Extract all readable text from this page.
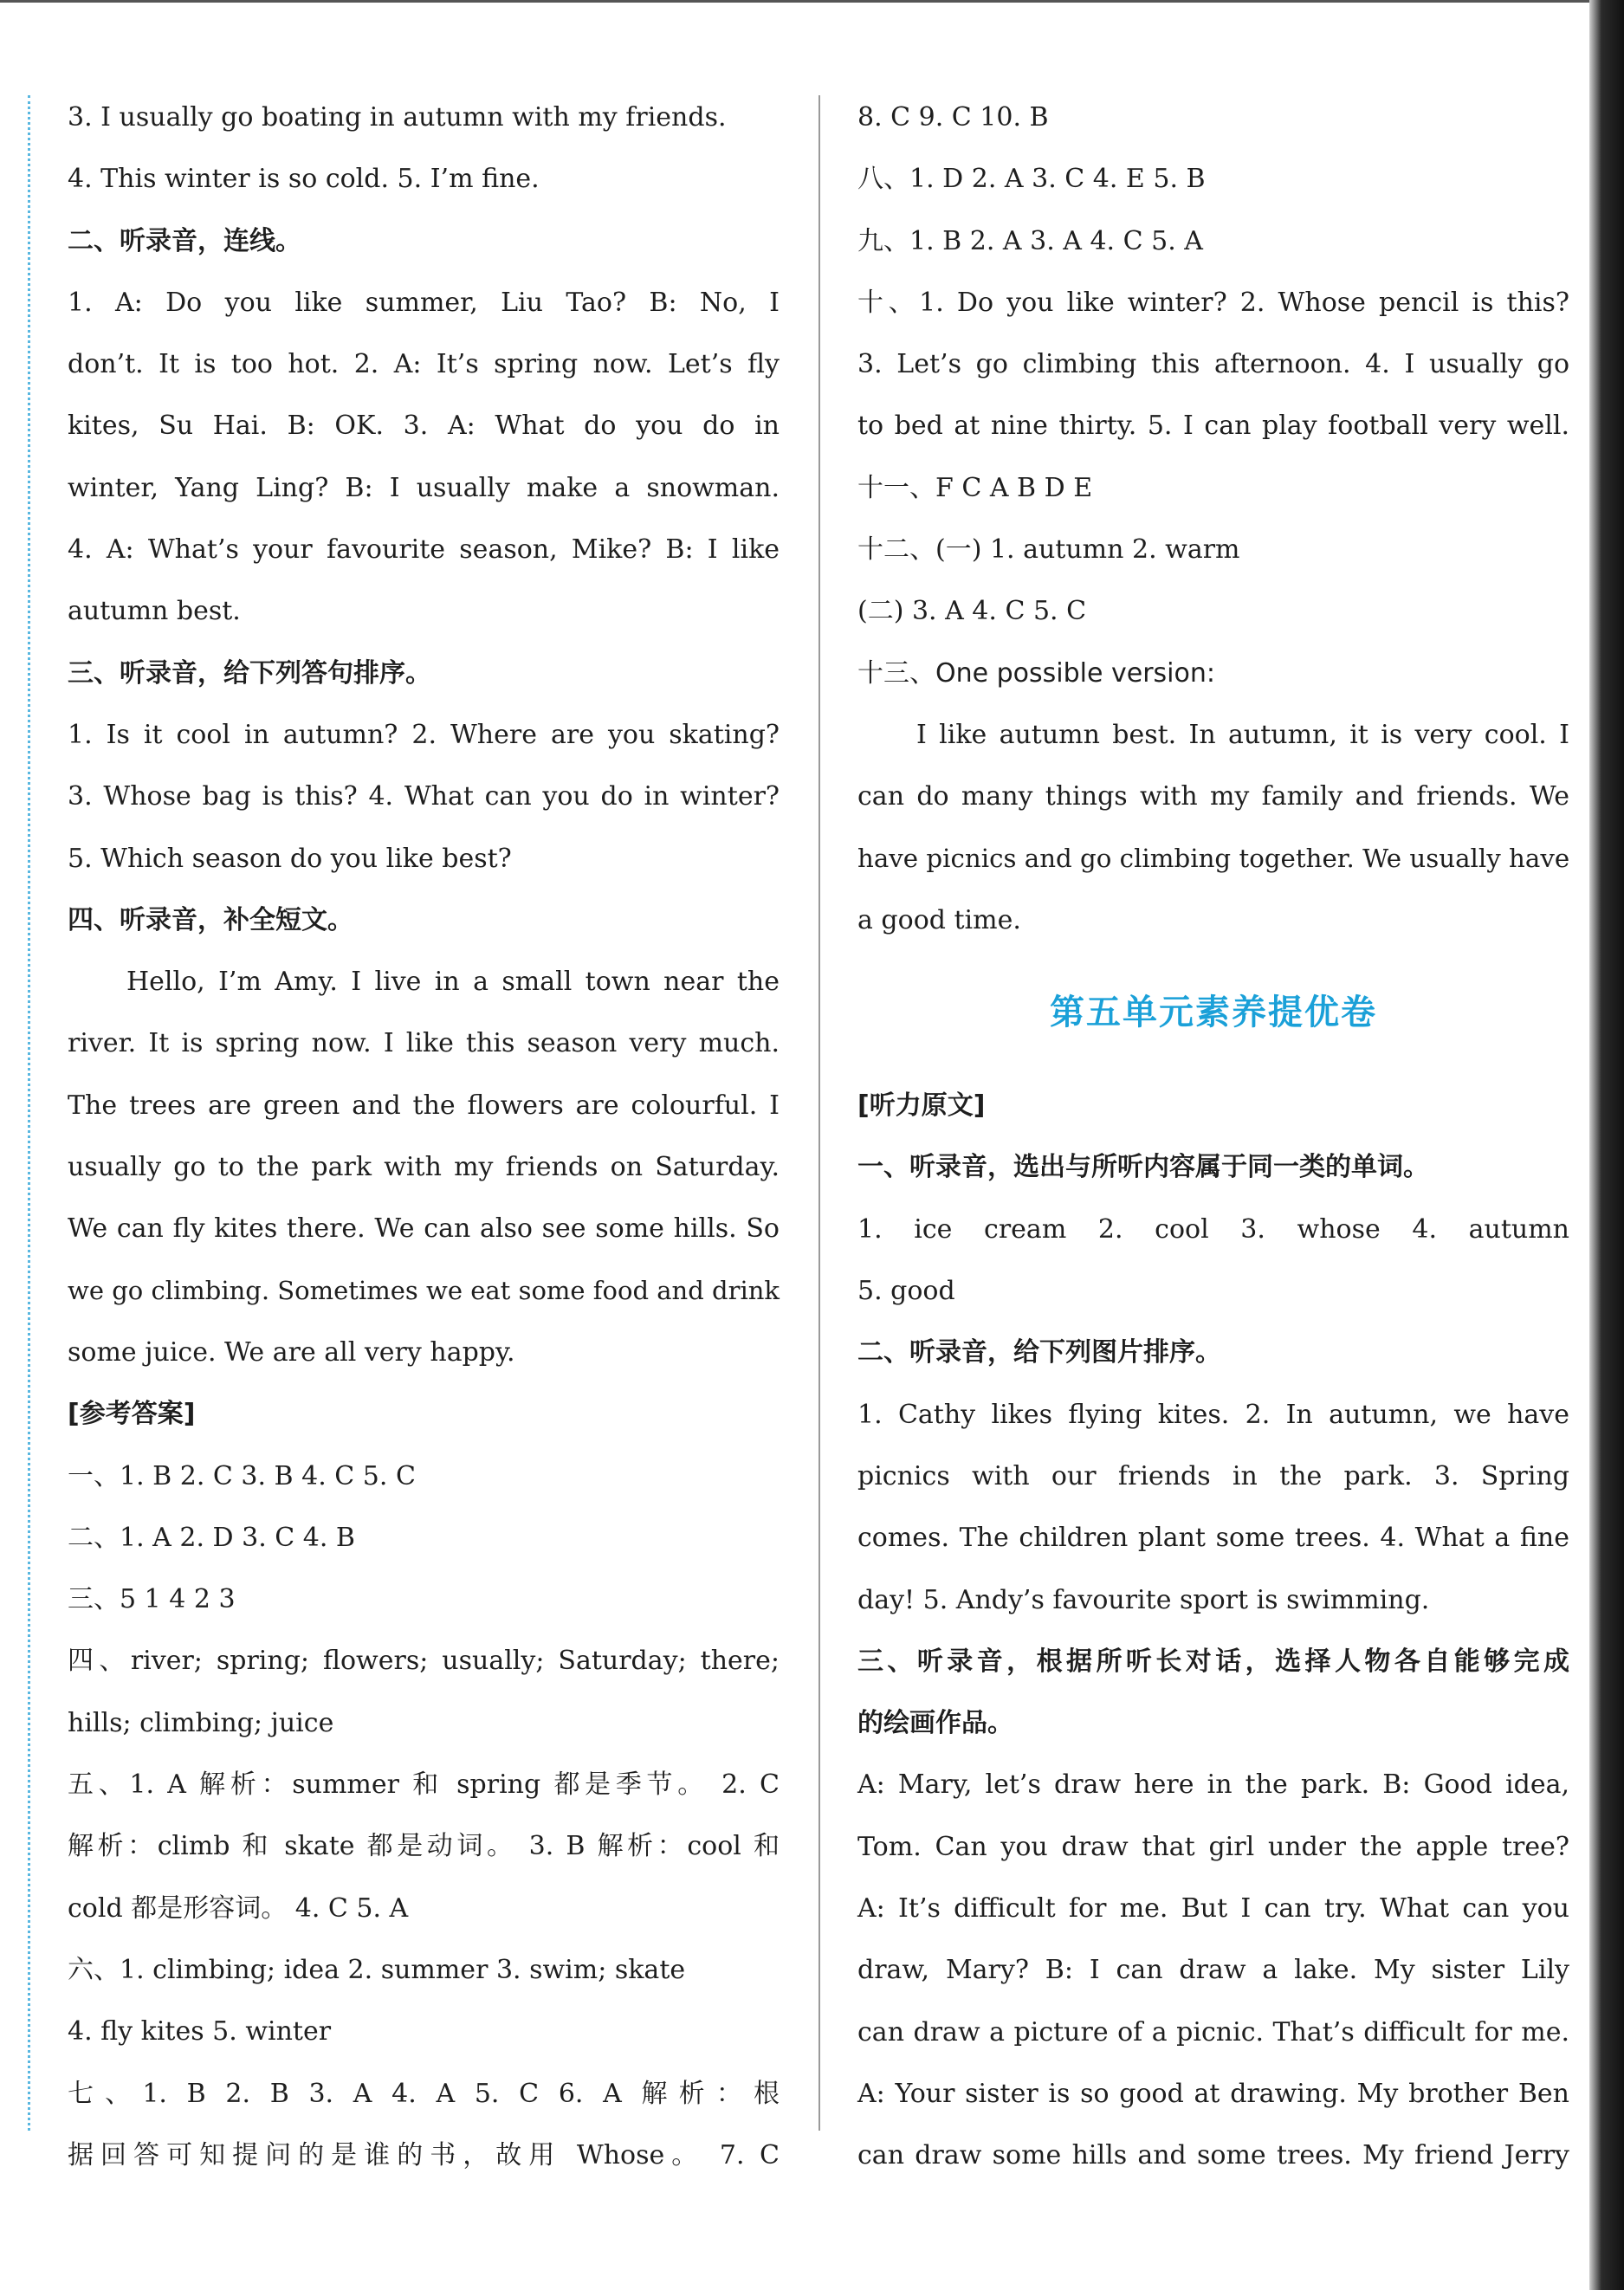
3. I usually go boating in autumn with my friends.
4. This winter is so cold. 5. I’m fine.
二、听录音，连线。
1. A: Do you like summer, Liu Tao? B: No, I
don’t. It is too hot. 2. A: It’s spring now. Let’s fly
kites, Su Hai. B: OK. 3. A: What do you do in
winter, Yang Ling? B: I usually make a snowman.
4. A: What’s your favourite season, Mike? B: I like
autumn best.
三、听录音，给下列答句排序。
1. Is it cool in autumn? 2. Where are you skating?
3. Whose bag is this? 4. What can you do in winter?
5. Which season do you like best?
四、听录音，补全短文。
Hello, I’m Amy. I live in a small town near the
river. It is spring now. I like this season very much.
The trees are green and the flowers are colourful. I
usually go to the park with my friends on Saturday.
We can fly kites there. We can also see some hills. So
we go climbing. Sometimes we eat some food and drink
some juice. We are all very happy.
[参考答案]
一、1. B 2. C 3. B 4. C 5. C
二、1. A 2. D 3. C 4. B
三、5 1 4 2 3
四、river; spring; flowers; usually; Saturday; there;
hills; climbing; juice
五、1. A 解析：summer 和 spring 都是季节。 2. C
解析：climb 和 skate 都是动词。 3. B 解析：cool 和
cold 都是形容词。 4. C 5. A
六、1. climbing; idea 2. summer 3. swim; skate
4. fly kites 5. winter
七、1. B 2. B 3. A 4. A 5. C 6. A 解析：根
据回答可知提问的是谁的书，故用 Whose。 7. C
8. C 9. C 10. B
八、1. D 2. A 3. C 4. E 5. B
九、1. B 2. A 3. A 4. C 5. A
十、1. Do you like winter? 2. Whose pencil is this?
3. Let’s go climbing this afternoon. 4. I usually go
to bed at nine thirty. 5. I can play football very well.
十一、F C A B D E
十二、(一) 1. autumn 2. warm
(二) 3. A 4. C 5. C
十三、One possible version:
I like autumn best. In autumn, it is very cool. I
can do many things with my family and friends. We
have picnics and go climbing together. We usually have
a good time.
第五单元素养提优卷
[听力原文]
一、听录音，选出与所听内容属于同一类的单词。
1. ice cream 2. cool 3. whose 4. autumn
5. good
二、听录音，给下列图片排序。
1. Cathy likes flying kites. 2. In autumn, we have
picnics with our friends in the park. 3. Spring
comes. The children plant some trees. 4. What a fine
day! 5. Andy’s favourite sport is swimming.
三、听录音，根据所听长对话，选择人物各自能够完成
的绘画作品。
A: Mary, let’s draw here in the park. B: Good idea,
Tom. Can you draw that girl under the apple tree?
A: It’s difficult for me. But I can try. What can you
draw, Mary? B: I can draw a lake. My sister Lily
can draw a picture of a picnic. That’s difficult for me.
A: Your sister is so good at drawing. My brother Ben
can draw some hills and some trees. My friend Jerry
